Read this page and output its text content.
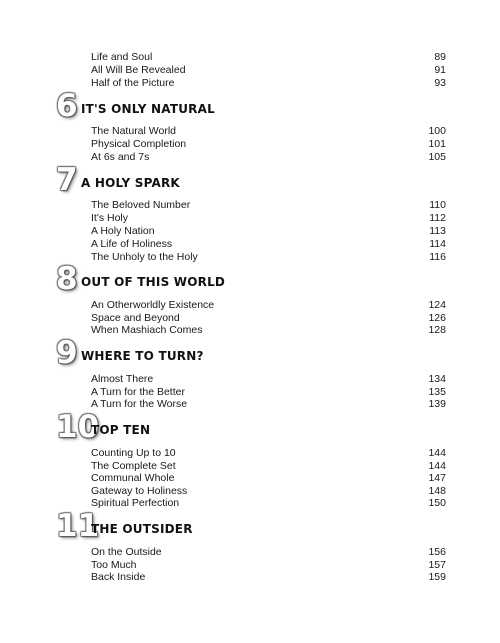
Life and Soul	89
All Will Be Revealed	91
Half of the Picture	93
6 IT'S ONLY NATURAL
The Natural World	100
Physical Completion	101
At 6s and 7s	105
7 A HOLY SPARK
The Beloved Number	110
It's Holy	112
A Holy Nation	113
A Life of Holiness	114
The Unholy to the Holy	116
8 OUT OF THIS WORLD
An Otherworldly Existence	124
Space and Beyond	126
When Mashiach Comes	128
9 WHERE TO TURN?
Almost There	134
A Turn for the Better	135
A Turn for the Worse	139
10
TOP TEN
Counting Up to 10	144
The Complete Set	144
Communal Whole	147
Gateway to Holiness	148
Spiritual Perfection	150
11
THE OUTSIDER
On the Outside	156
Too Much	157
Back Inside	159
